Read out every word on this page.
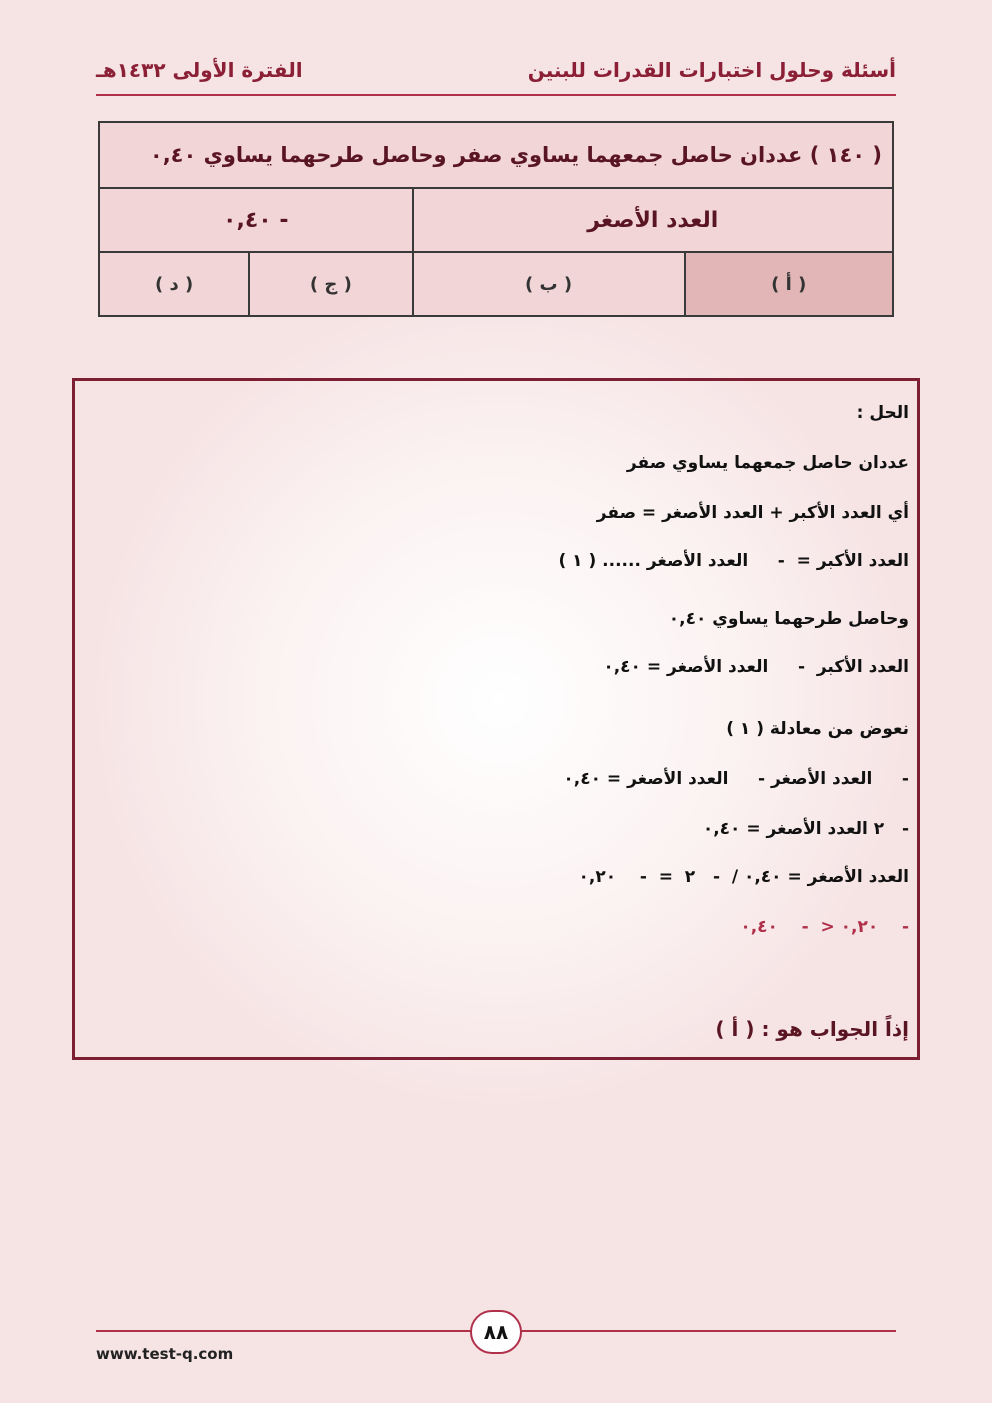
أسئلة وحلول اختبارات القدرات للبنين
الفترة الأولى ١٤٣٢هـ
( ١٤٠ ) عددان حاصل جمعهما يساوي صفر وحاصل طرحهما يساوي ٠,٤٠			
العدد الأصغر		- ٠,٤٠	
( أ )	( ب )	( ج )	( د )
الحل :
عددان حاصل جمعهما يساوي صفر
أي العدد الأكبر + العدد الأصغر = صفر
العدد الأكبر =  -     العدد الأصغر ...... ( ١ )
وحاصل طرحهما يساوي ٠,٤٠
العدد الأكبر  -     العدد الأصغر = ٠,٤٠
نعوض من معادلة ( ١ )
-     العدد الأصغر -     العدد الأصغر = ٠,٤٠
-   ٢ العدد الأصغر = ٠,٤٠
العدد الأصغر = ٠,٤٠ /  -   ٢  =  -    ٠,٢٠
-    ٠,٢٠ <  -    ٠,٤٠
إذاً الجواب هو : ( أ )
٨٨
www.test-q.com
